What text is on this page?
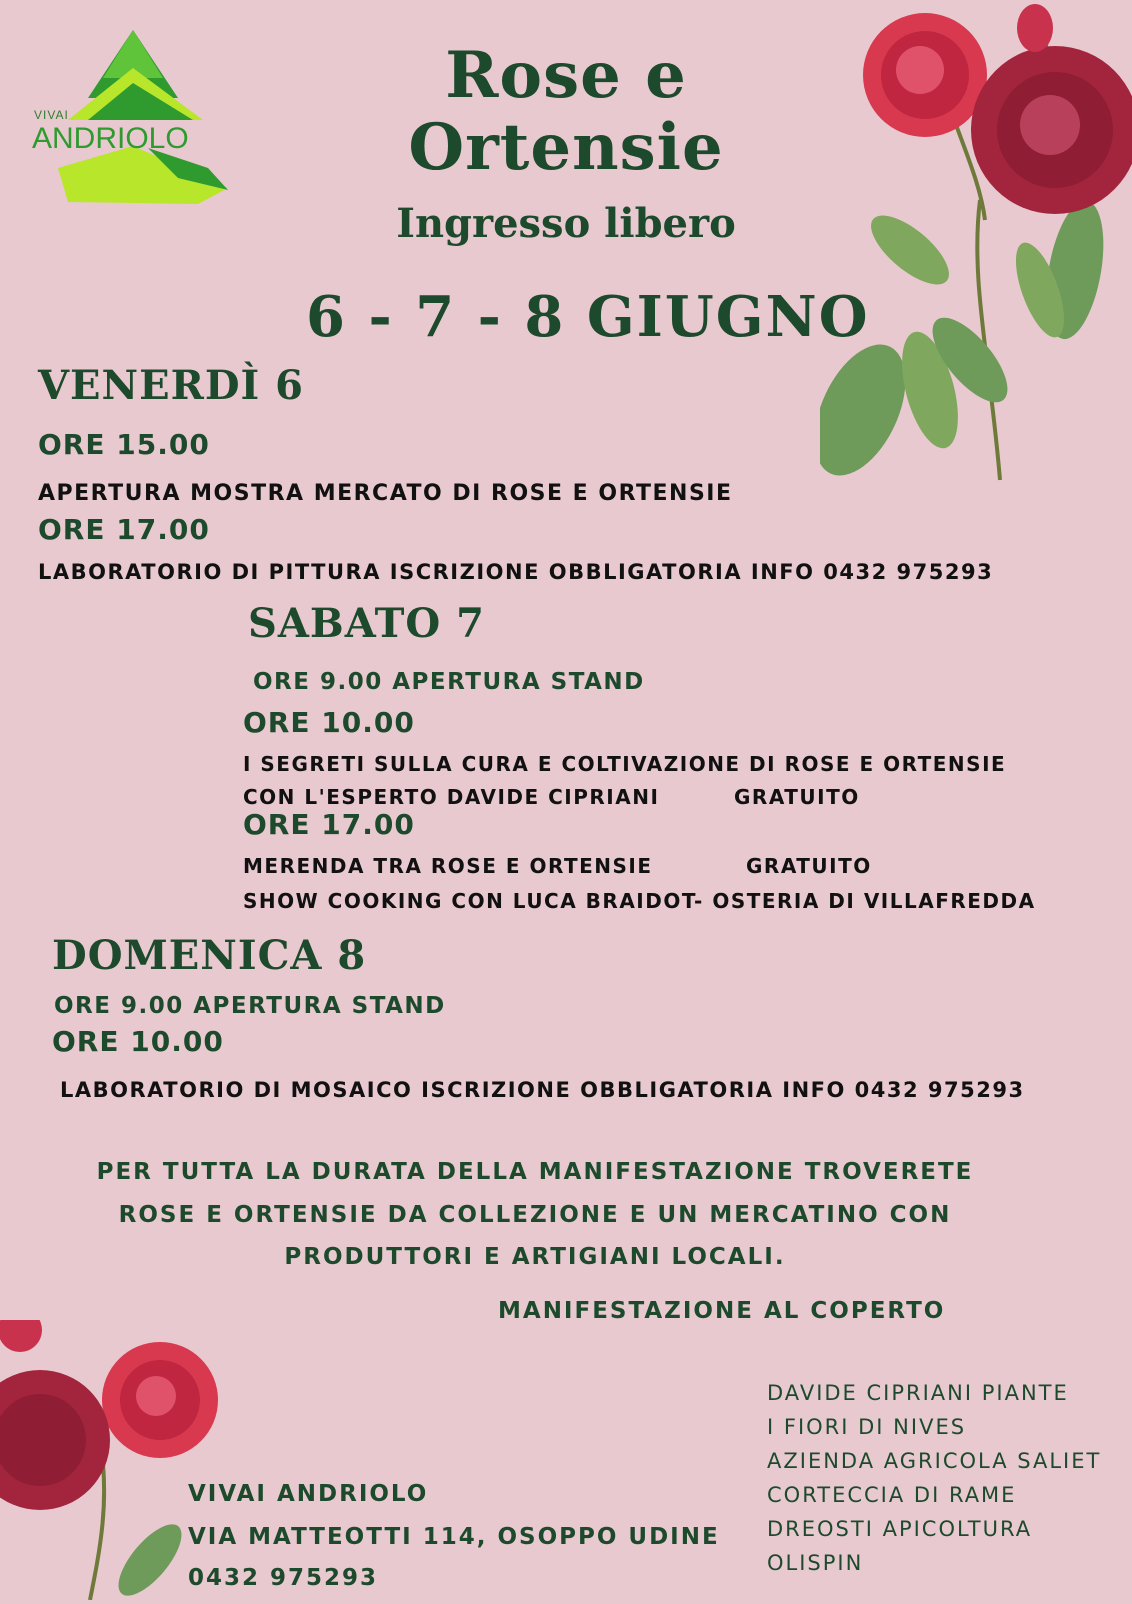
VIVAI
ANDRIOLO
Rose e
Ortensie
Ingresso libero
6 - 7 - 8 GIUGNO
VENERDÌ 6
ORE 15.00
APERTURA MOSTRA MERCATO DI ROSE E ORTENSIE
ORE 17.00
LABORATORIO DI PITTURA ISCRIZIONE OBBLIGATORIA INFO 0432 975293
SABATO 7
ORE 9.00 APERTURA STAND
ORE 10.00
I SEGRETI SULLA CURA E COLTIVAZIONE DI ROSE E ORTENSIE
CON L'ESPERTO DAVIDE CIPRIANI	GRATUITO
ORE 17.00
MERENDA TRA ROSE E ORTENSIE	GRATUITO
SHOW COOKING CON LUCA BRAIDOT- OSTERIA DI VILLAFREDDA
DOMENICA 8
ORE 9.00 APERTURA STAND
ORE 10.00
LABORATORIO DI MOSAICO ISCRIZIONE OBBLIGATORIA INFO 0432 975293
PER TUTTA LA DURATA DELLA MANIFESTAZIONE TROVERETE
ROSE E ORTENSIE DA COLLEZIONE E UN MERCATINO CON
PRODUTTORI E ARTIGIANI LOCALI.
MANIFESTAZIONE AL COPERTO
VIVAI ANDRIOLO
VIA MATTEOTTI 114, OSOPPO UDINE
0432 975293
DAVIDE CIPRIANI PIANTE
I FIORI DI NIVES
AZIENDA AGRICOLA SALIET
CORTECCIA DI RAME
DREOSTI APICOLTURA
OLISPIN
